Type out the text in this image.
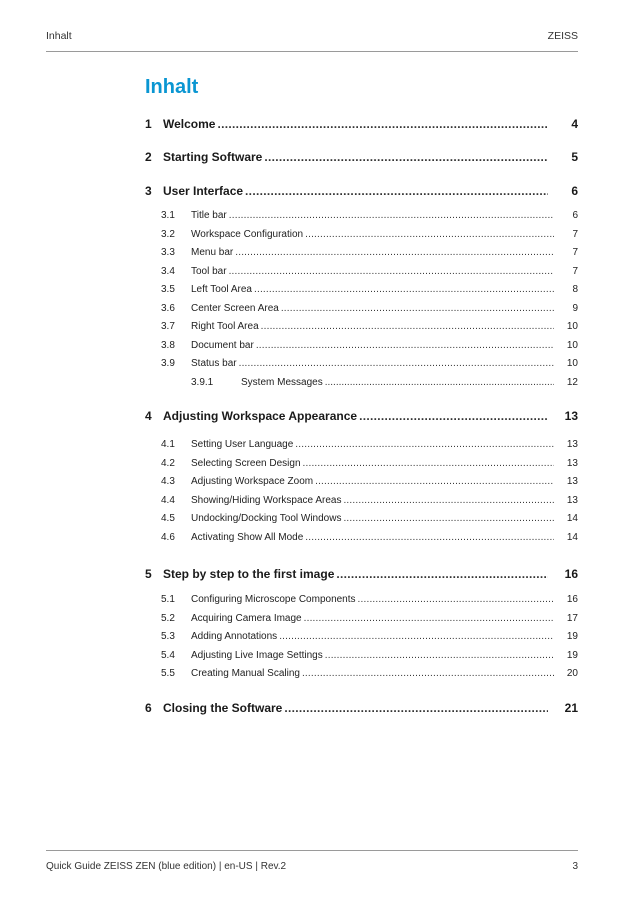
Inhalt	ZEISS
Inhalt
1 Welcome .....	4
2 Starting Software .....	5
3 User Interface .....	6
3.1	Title bar .....	6
3.2	Workspace Configuration .....	7
3.3	Menu bar .....	7
3.4	Tool bar .....	7
3.5	Left Tool Area .....	8
3.6	Center Screen Area .....	9
3.7	Right Tool Area .....	10
3.8	Document bar .....	10
3.9	Status bar .....	10
3.9.1	System Messages .....	12
4 Adjusting Workspace Appearance .....	13
4.1	Setting User Language .....	13
4.2	Selecting Screen Design .....	13
4.3	Adjusting Workspace Zoom .....	13
4.4	Showing/Hiding Workspace Areas .....	13
4.5	Undocking/Docking Tool Windows .....	14
4.6	Activating Show All Mode .....	14
5 Step by step to the first image .....	16
5.1	Configuring Microscope Components .....	16
5.2	Acquiring Camera Image .....	17
5.3	Adding Annotations .....	19
5.4	Adjusting Live Image Settings .....	19
5.5	Creating Manual Scaling .....	20
6 Closing the Software .....	21
Quick Guide ZEISS ZEN (blue edition) | en-US | Rev.2	3
